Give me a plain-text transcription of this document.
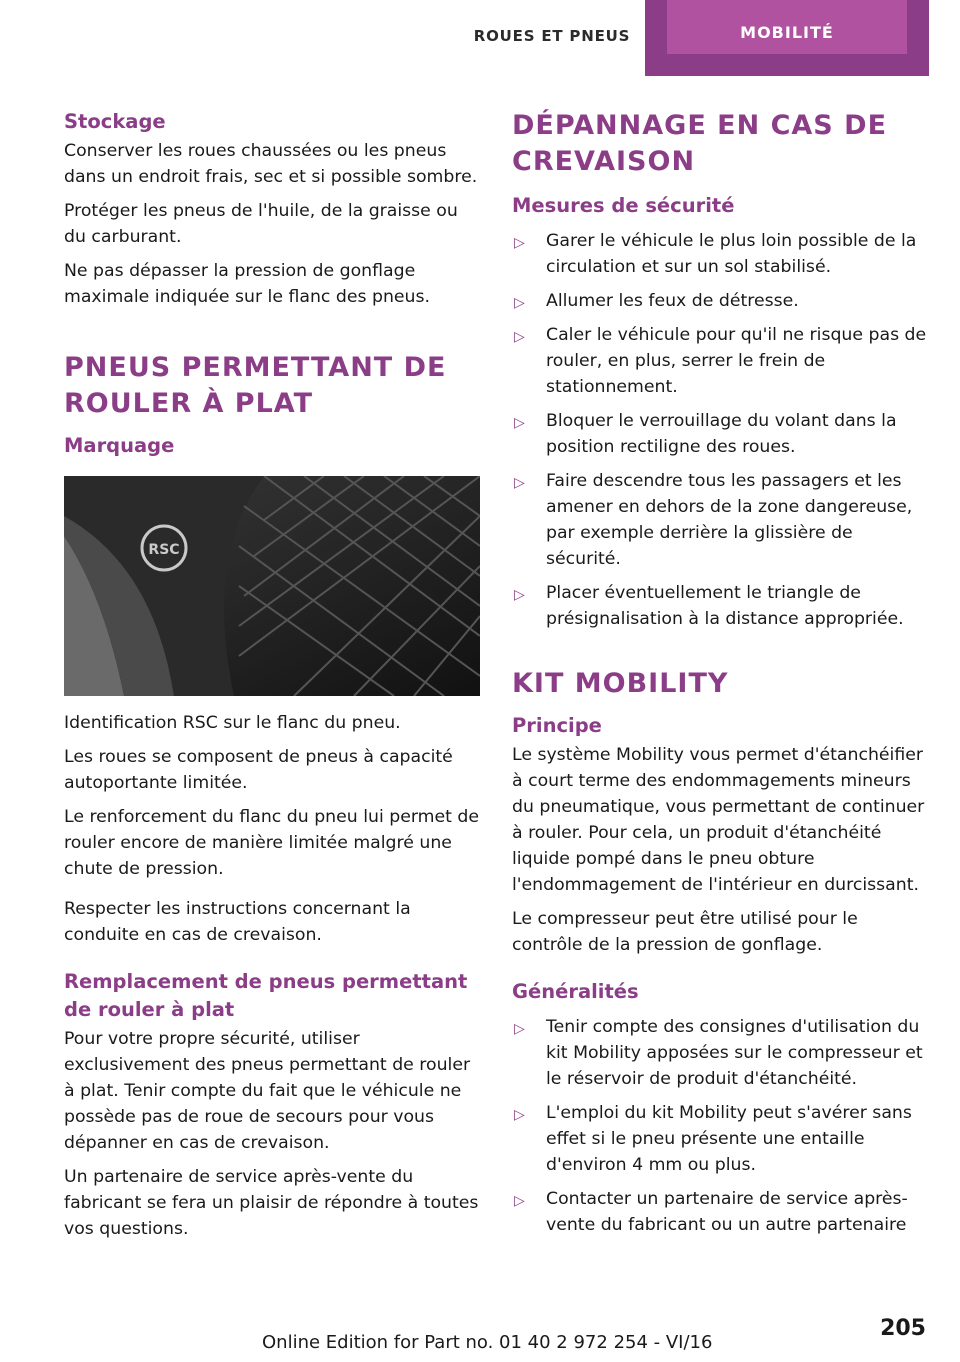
ROUES ET PNEUS	MOBILITÉ
Stockage

Conserver les roues chaussées ou les pneus dans un endroit frais, sec et si possible sombre.

Protéger les pneus de l'huile, de la graisse ou du carburant.

Ne pas dépasser la pression de gonflage maximale indiquée sur le flanc des pneus.

PNEUS PERMETTANT DE ROULER À PLAT
Marquage
RSC

Identification RSC sur le flanc du pneu.

Les roues se composent de pneus à capacité autoportante limitée.

Le renforcement du flanc du pneu lui permet de rouler encore de manière limitée malgré une chute de pression.

Respecter les instructions concernant la conduite en cas de crevaison.

Remplacement de pneus permettant de rouler à plat

Pour votre propre sécurité, utiliser exclusivement des pneus permettant de rouler à plat. Tenir compte du fait que le véhicule ne possède pas de roue de secours pour vous dépanner en cas de crevaison.

Un partenaire de service après-vente du fabricant se fera un plaisir de répondre à toutes vos questions.

DÉPANNAGE EN CAS DE CREVAISON
Mesures de sécurité
▷ Garer le véhicule le plus loin possible de la circulation et sur un sol stabilisé.
▷ Allumer les feux de détresse.
▷ Caler le véhicule pour qu'il ne risque pas de rouler, en plus, serrer le frein de stationnement.
▷ Bloquer le verrouillage du volant dans la position rectiligne des roues.
▷ Faire descendre tous les passagers et les amener en dehors de la zone dangereuse, par exemple derrière la glissière de sécurité.
▷ Placer éventuellement le triangle de présignalisation à la distance appropriée.
KIT MOBILITY
Principe

Le système Mobility vous permet d'étanchéifier à court terme des endommagements mineurs du pneumatique, vous permettant de continuer à rouler. Pour cela, un produit d'étanchéité liquide pompé dans le pneu obture l'endommagement de l'intérieur en durcissant.

Le compresseur peut être utilisé pour le contrôle de la pression de gonflage.

Généralités
▷ Tenir compte des consignes d'utilisation du kit Mobility apposées sur le compresseur et le réservoir de produit d'étanchéité.
▷ L'emploi du kit Mobility peut s'avérer sans effet si le pneu présente une entaille d'environ 4 mm ou plus.
▷ Contacter un partenaire de service après-vente du fabricant ou un autre partenaire
205
Online Edition for Part no. 01 40 2 972 254 - VI/16
